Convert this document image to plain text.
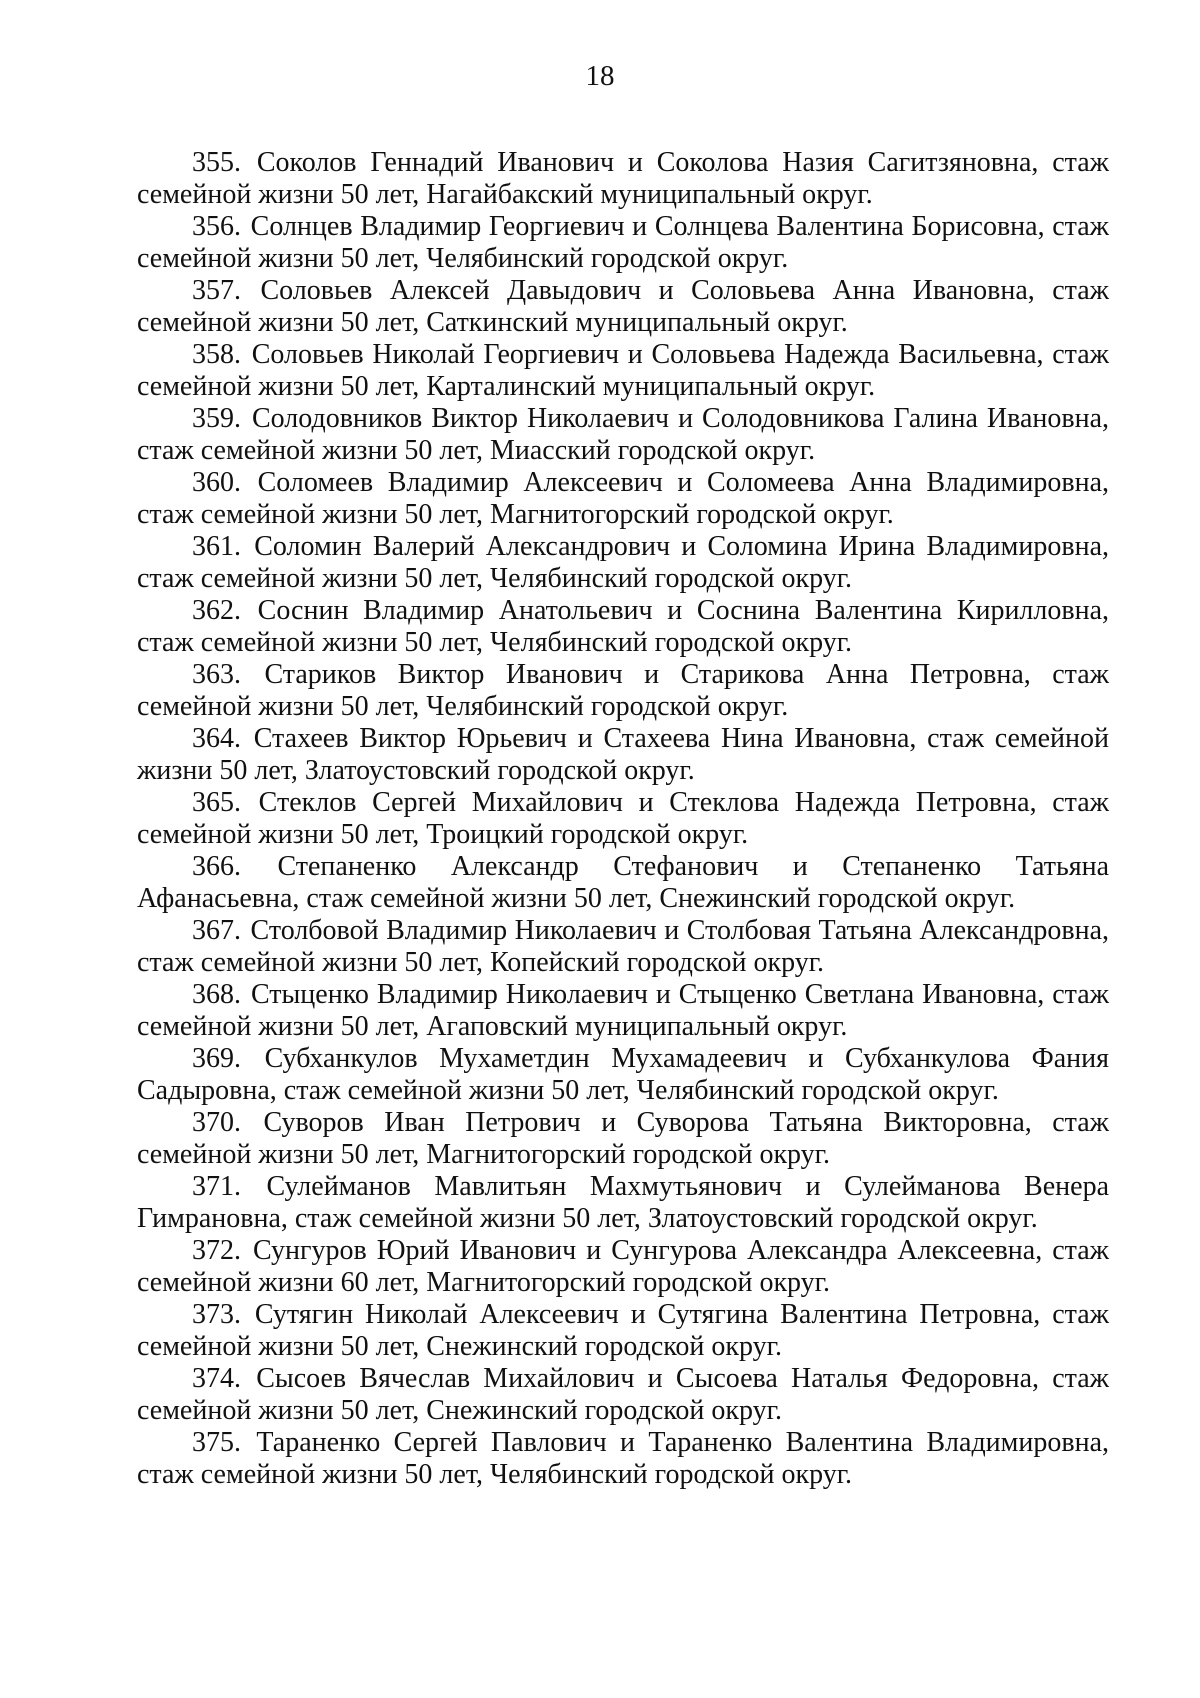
18

355. Соколов Геннадий Иванович и Соколова Назия Сагитзяновна, стаж семейной жизни 50 лет, Нагайбакский муниципальный округ.

356. Солнцев Владимир Георгиевич и Солнцева Валентина Борисовна, стаж семейной жизни 50 лет, Челябинский городской округ.

357. Соловьев Алексей Давыдович и Соловьева Анна Ивановна, стаж семейной жизни 50 лет, Саткинский муниципальный округ.

358. Соловьев Николай Георгиевич и Соловьева Надежда Васильевна, стаж семейной жизни 50 лет, Карталинский муниципальный округ.

359. Солодовников Виктор Николаевич и Солодовникова Галина Ивановна, стаж семейной жизни 50 лет, Миасский городской округ.

360. Соломеев Владимир Алексеевич и Соломеева Анна Владимировна, стаж семейной жизни 50 лет, Магнитогорский городской округ.

361. Соломин Валерий Александрович и Соломина Ирина Владимировна, стаж семейной жизни 50 лет, Челябинский городской округ.

362. Соснин Владимир Анатольевич и Соснина Валентина Кирилловна, стаж семейной жизни 50 лет, Челябинский городской округ.

363. Стариков Виктор Иванович и Старикова Анна Петровна, стаж семейной жизни 50 лет, Челябинский городской округ.

364. Стахеев Виктор Юрьевич и Стахеева Нина Ивановна, стаж семейной жизни 50 лет, Златоустовский городской округ.

365. Стеклов Сергей Михайлович и Стеклова Надежда Петровна, стаж семейной жизни 50 лет, Троицкий городской округ.

366. Степаненко Александр Стефанович и Степаненко Татьяна Афанасьевна, стаж семейной жизни 50 лет, Снежинский городской округ.

367. Столбовой Владимир Николаевич и Столбовая Татьяна Александровна, стаж семейной жизни 50 лет, Копейский городской округ.

368. Стыценко Владимир Николаевич и Стыценко Светлана Ивановна, стаж семейной жизни 50 лет, Агаповский муниципальный округ.

369. Субханкулов Мухаметдин Мухамадеевич и Субханкулова Фания Садыровна, стаж семейной жизни 50 лет, Челябинский городской округ.

370. Суворов Иван Петрович и Суворова Татьяна Викторовна, стаж семейной жизни 50 лет, Магнитогорский городской округ.

371. Сулейманов Мавлитьян Махмутьянович и Сулейманова Венера Гимрановна, стаж семейной жизни 50 лет, Златоустовский городской округ.

372. Сунгуров Юрий Иванович и Сунгурова Александра Алексеевна, стаж семейной жизни 60 лет, Магнитогорский городской округ.

373. Сутягин Николай Алексеевич и Сутягина Валентина Петровна, стаж семейной жизни 50 лет, Снежинский городской округ.

374. Сысоев Вячеслав Михайлович и Сысоева Наталья Федоровна, стаж семейной жизни 50 лет, Снежинский городской округ.

375. Тараненко Сергей Павлович и Тараненко Валентина Владимировна, стаж семейной жизни 50 лет, Челябинский городской округ.
